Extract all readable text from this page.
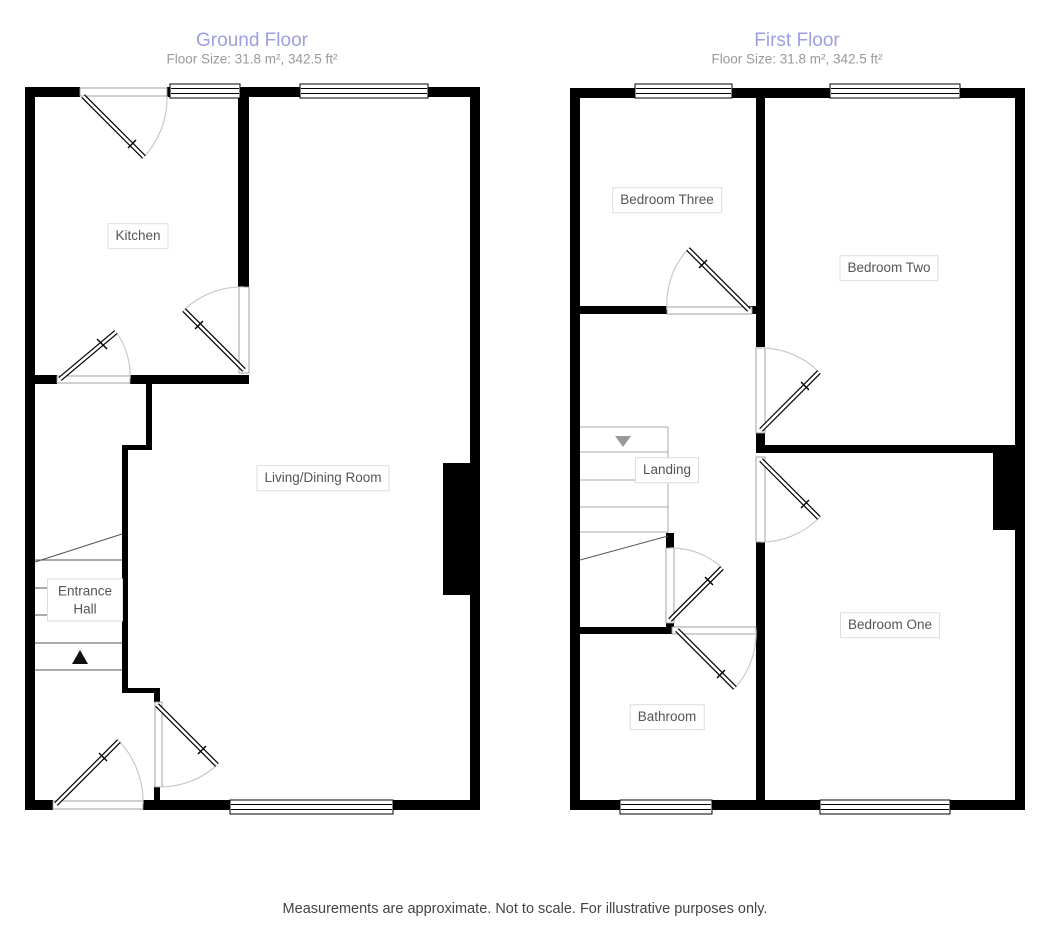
Ground Floor
Floor Size: 31.8 m², 342.5 ft²
First Floor
Floor Size: 31.8 m², 342.5 ft²
Kitchen
Living/Dining Room
Entrance Hall
Bedroom Three
Bedroom Two
Landing
Bathroom
Bedroom One
Measurements are approximate. Not to scale. For illustrative purposes only.
